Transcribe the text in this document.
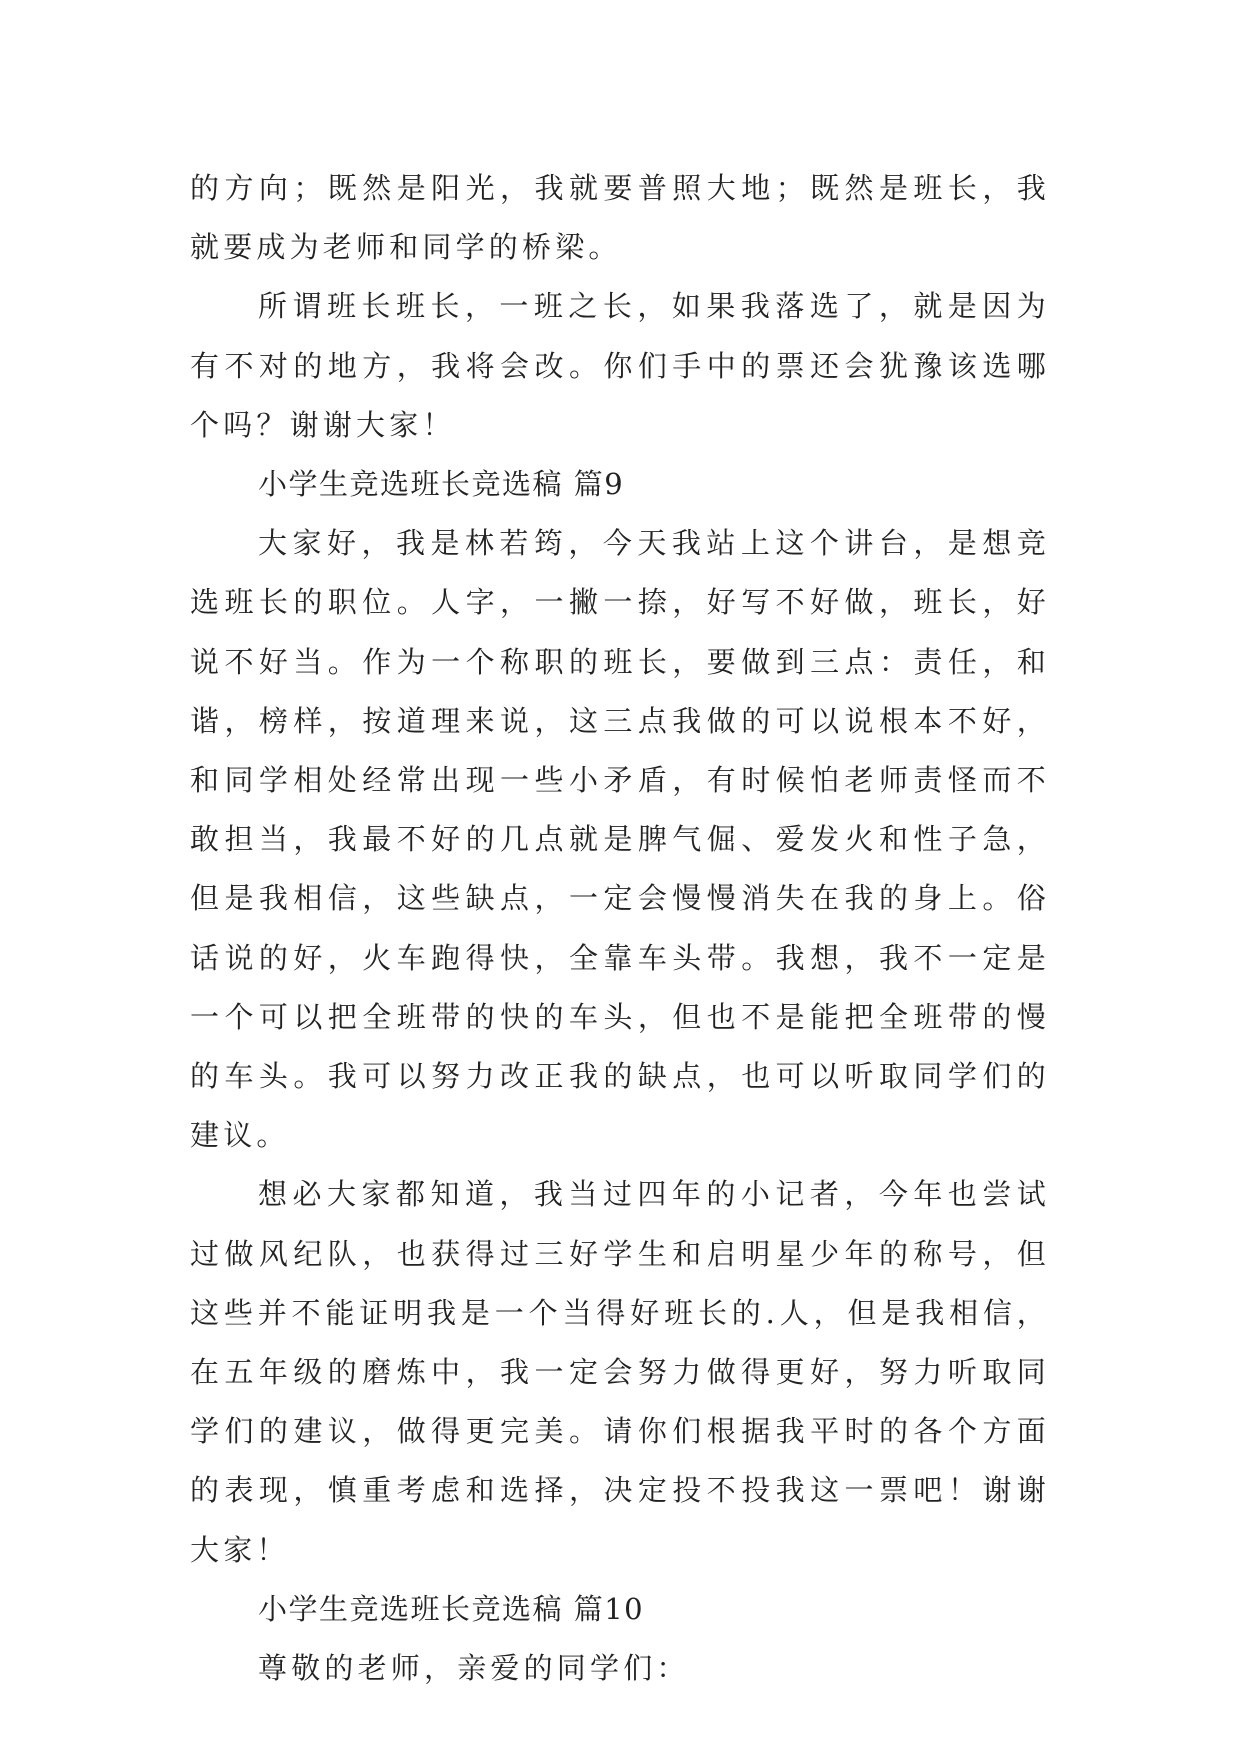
的方向；既然是阳光，我就要普照大地；既然是班长，我就要成为老师和同学的桥梁。

所谓班长班长，一班之长，如果我落选了，就是因为有不对的地方，我将会改。你们手中的票还会犹豫该选哪个吗？谢谢大家！

小学生竞选班长竞选稿 篇9

大家好，我是林若筠，今天我站上这个讲台，是想竞选班长的职位。人字，一撇一捺，好写不好做，班长，好说不好当。作为一个称职的班长，要做到三点：责任，和谐，榜样，按道理来说，这三点我做的可以说根本不好，和同学相处经常出现一些小矛盾，有时候怕老师责怪而不敢担当，我最不好的几点就是脾气倔、爱发火和性子急，但是我相信，这些缺点，一定会慢慢消失在我的身上。俗话说的好，火车跑得快，全靠车头带。我想，我不一定是一个可以把全班带的快的车头，但也不是能把全班带的慢的车头。我可以努力改正我的缺点，也可以听取同学们的建议。

想必大家都知道，我当过四年的小记者，今年也尝试过做风纪队，也获得过三好学生和启明星少年的称号，但这些并不能证明我是一个当得好班长的.人，但是我相信，在五年级的磨炼中，我一定会努力做得更好，努力听取同学们的建议，做得更完美。请你们根据我平时的各个方面的表现，慎重考虑和选择，决定投不投我这一票吧！谢谢大家！

小学生竞选班长竞选稿 篇10

尊敬的老师，亲爱的同学们：
